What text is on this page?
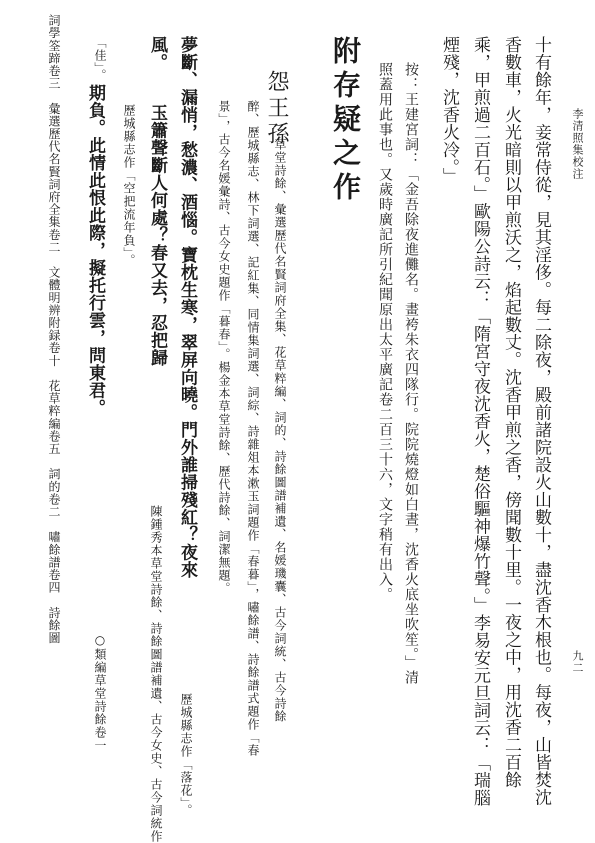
李清照集校注
九二
十有餘年，妾常侍從，見其淫侈。每二除夜，殿前諸院設火山數十，盡沈香木根也。每夜，山皆焚沈
香數車，火光暗則以甲煎沃之，焰起數丈。沈香甲煎之香，傍聞數十里。一夜之中，用沈香二百餘
乘，甲煎過二百石。」歐陽公詩云：「隋宮守夜沈香火，楚俗驅神爆竹聲。」李易安元旦詞云：「瑞腦
煙殘，沈香火冷。」
按：王建宮詞：「金吾除夜進儺名。畫袴朱衣四隊行。院院燒燈如白晝，沈香火底坐吹笙。」清
照蓋用此事也。又歲時廣記所引紀聞原出太平廣記卷二百三十六，文字稍有出入。
附存疑之作
怨王孫
草堂詩餘、彙選歷代名賢詞府全集、花草粹編、詞的、詩餘圖譜補遺、名媛璣囊、古今詞統、古今詩餘
醉、歷城縣志、林下詞選、記紅集、同情集詞選、詞綜、詩雜俎本漱玉詞題作「春暮」，嘯餘譜、詩餘譜式題作「春
景」，古今名媛彙詩、古今女史題作「暮春」。楊金本草堂詩餘、歷代詩餘、詞潔無題。
夢斷、漏悄，愁濃、酒惱。寶枕生寒，翠屏向曉。門外誰掃殘紅？夜來
歷城縣志作「落花」。
風。
玉簫聲斷人何處？春又去，忍把歸
陳鍾秀本草堂詩餘、詩餘圖譜補遺、古今女史、古今詞統作
歷城縣志作「空把流年負」。
「佳」。
期負。此情此恨此際，擬托行雲，問東君。
○類編草堂詩餘卷一
詞學筌蹄卷三　彙選歷代名賢詞府全集卷二　文體明辨附録卷十　花草粹編卷五　詞的卷二　嘯餘譜卷四　詩餘圖
